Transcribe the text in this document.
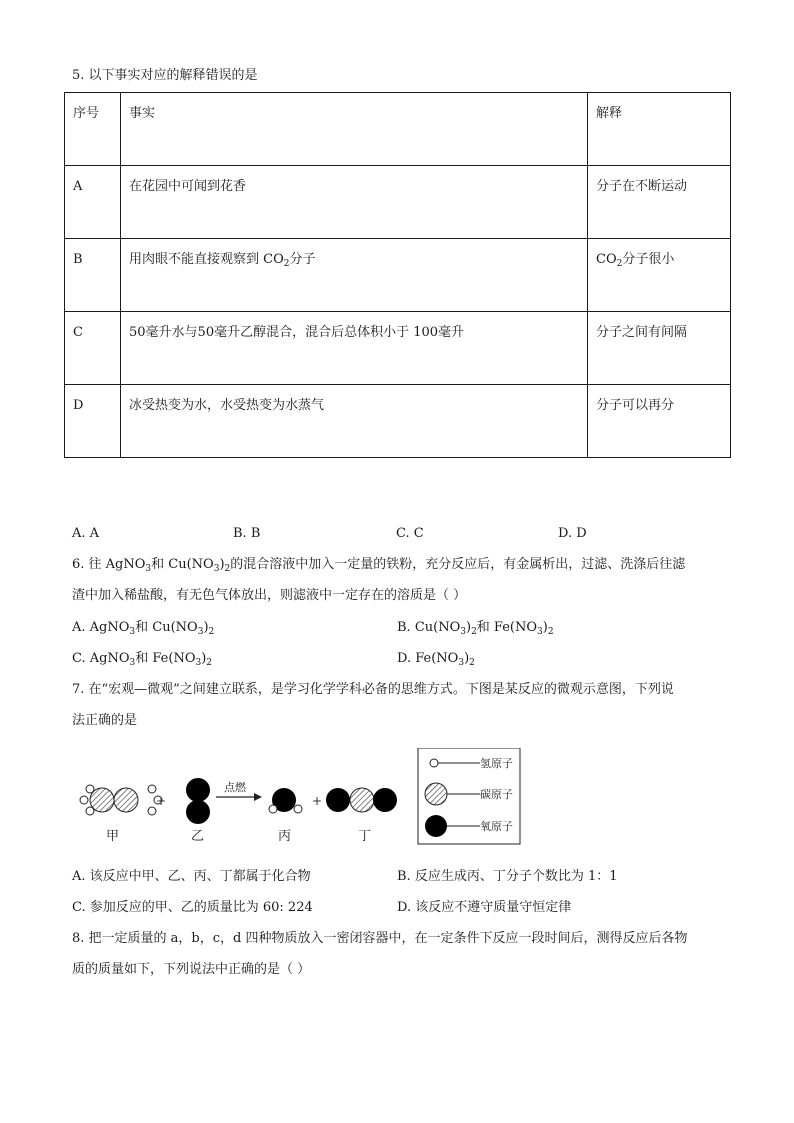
5. 以下事实对应的解释错误的是
序号	事实	解释
A	在花园中可闻到花香	分子在不断运动
B	用肉眼不能直接观察到 $CO_2$分子	$CO_2$分子很小
C	50毫升水与50毫升乙醇混合，混合后总体积小于 100毫升	分子之间有间隔
D	冰受热变为水，水受热变为水蒸气	分子可以再分
A. A	B. B	C. C	D. D
6. 往 AgNO$_3$和 $Cu(NO_3)_2$的混合溶液中加入一定量的铁粉，充分反应后，有金属析出，过滤、洗涤后往滤
渣中加入稀盐酸，有无色气体放出，则滤液中一定存在的溶质是（ ）
A. AgNO$_3$和 $Cu(NO_3)_2$	B. $Cu(NO_3)_2$和 $Fe(NO_3)_2$
C. AgNO$_3$和 $Fe(NO_3)_2$	D. $Fe(NO_3)_2$
7. 在“宏观—微观”之间建立联系，是学习化学学科必备的思维方式。下图是某反应的微观示意图，下列说
法正确的是
+
点燃
+
甲	乙	丙	丁
氢原子
碳原子
氧原子
A. 该反应中甲、乙、丙、丁都属于化合物	B. 反应生成丙、丁分子个数比为 1：1
C. 参加反应的甲、乙的质量比为 60: 224	D. 该反应不遵守质量守恒定律
8. 把一定质量的 a，b，c，d 四种物质放入一密闭容器中，在一定条件下反应一段时间后，测得反应后各物
质的质量如下，下列说法中正确的是（ ）
